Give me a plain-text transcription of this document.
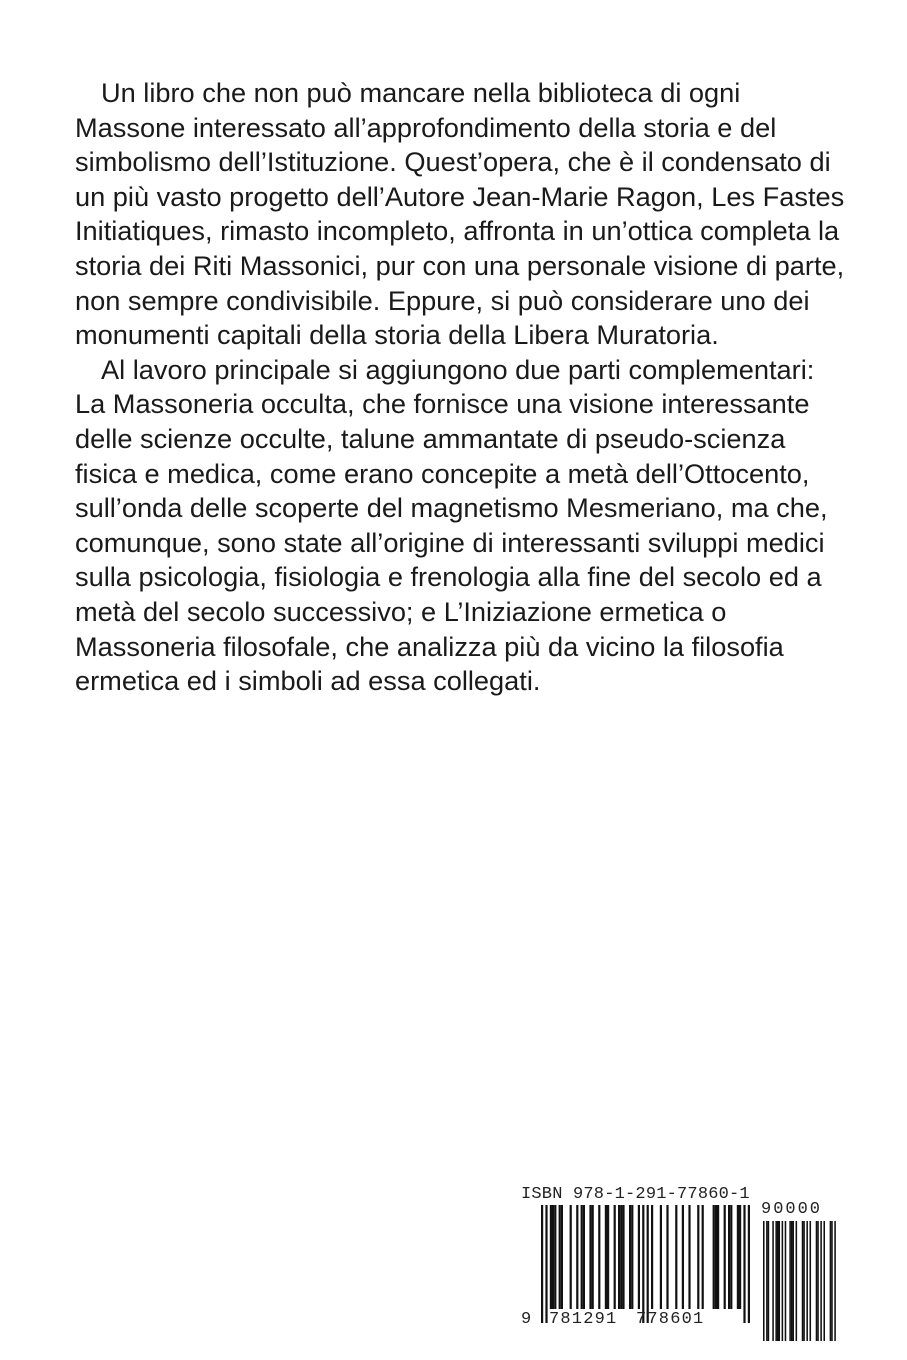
Un libro che non può mancare nella biblioteca di ogni Massone interessato all’approfondimento della storia e del simbolismo dell’Istituzione. Quest’opera, che è il condensato di un più vasto progetto dell’Autore Jean-Marie Ragon, Les Fastes Initiatiques, rimasto incompleto, affronta in un’ottica completa la storia dei Riti Massonici, pur con una personale visione di parte, non sempre condivisibile. Eppure, si può considerare uno dei monumenti capitali della storia della Libera Muratoria.

Al lavoro principale si aggiungono due parti complementari: La Massoneria occulta, che fornisce una visione interessante delle scienze occulte, talune ammantate di pseudo-scienza fisica e medica, come erano concepite a metà dell’Ottocento, sull’onda delle scoperte del magnetismo Mesmeriano, ma che, comunque, sono state all’origine di interessanti sviluppi medici sulla psicologia, fisiologia e frenologia alla fine del secolo ed a metà del secolo successivo; e L’Iniziazione ermetica o Massoneria filosofale, che analizza più da vicino la filosofia ermetica ed i simboli ad essa collegati.

ISBN 978-1-291-77860-1
9 781291 778601
90000
